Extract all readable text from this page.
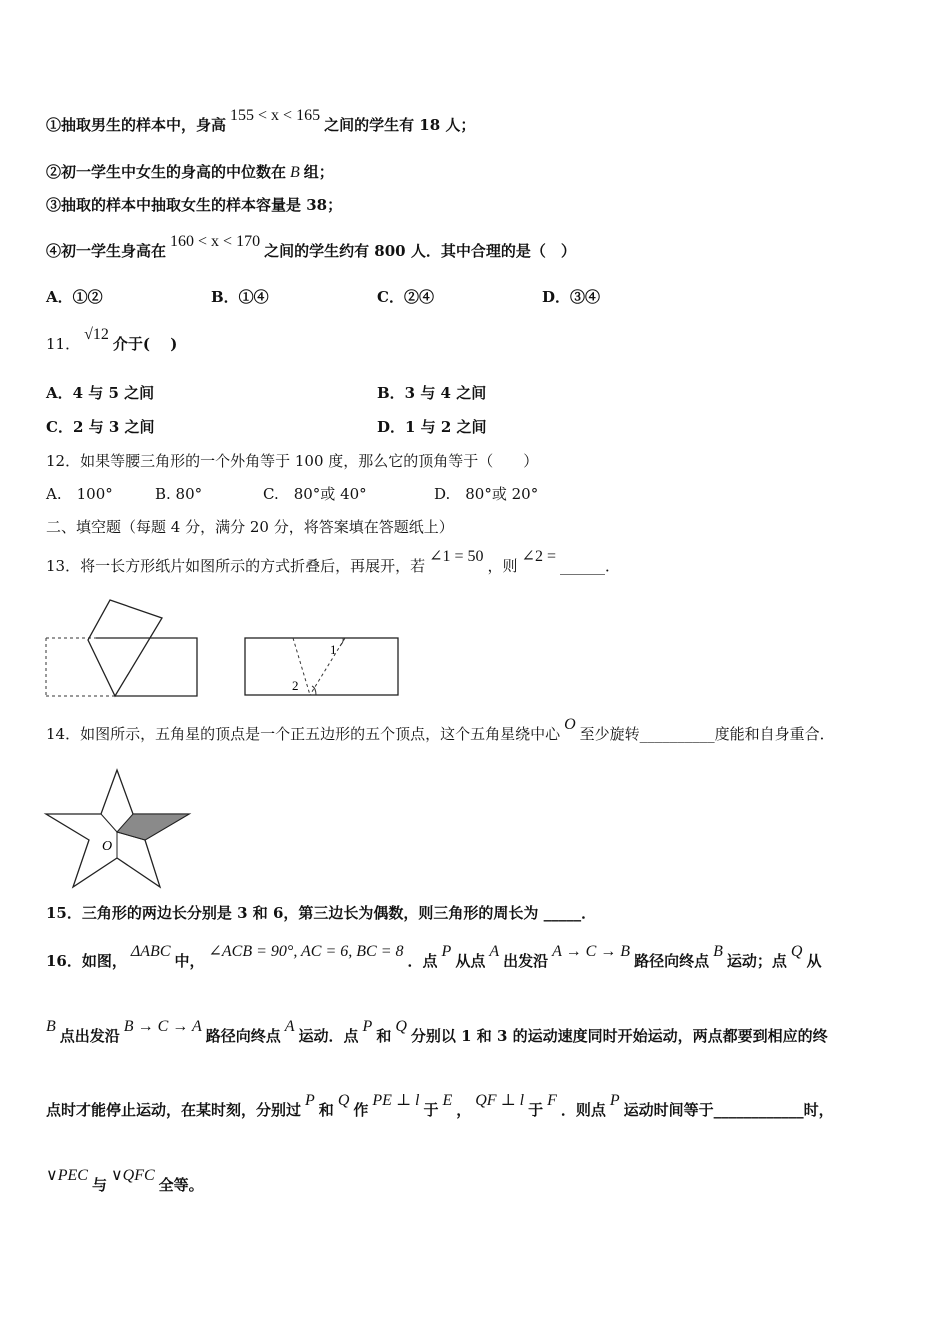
①抽取男生的样本中，身高155 < x < 165之间的学生有 18 人；
②初一学生中女生的身高的中位数在 B 组；
③抽取的样本中抽取女生的样本容量是 38；
④初一学生身高在160 < x < 170之间的学生约有 800 人．其中合理的是（　）
A．①②	B．①④	C．②④	D．③④
11．√12介于(　 )
A．4 与 5 之间	B．3 与 4 之间
C．2 与 3 之间	D．1 与 2 之间
12．如果等腰三角形的一个外角等于 100 度，那么它的顶角等于（　　）
A.　100°	B. 80°	C.　80°或 40°	D.　80°或 20°
二、填空题（每题 4 分，满分 20 分，将答案填在答题纸上）
13．将一长方形纸片如图所示的方式折叠后，再展开，若∠1 = 50，则∠2 =______．
1
2
14．如图所示，五角星的顶点是一个正五边形的五个顶点，这个五角星绕中心O至少旋转__________度能和自身重合．
O
15．三角形的两边长分别是 3 和 6，第三边长为偶数，则三角形的周长为 _____．
16．如图，ΔABC中，∠ACB = 90°, AC = 6, BC = 8．点P从点A出发沿A → C → B路径向终点B运动；点Q从
B点出发沿B → C → A路径向终点A运动．点P和Q分别以 1 和 3 的运动速度同时开始运动，两点都要到相应的终
点时才能停止运动，在某时刻，分别过P和Q作PE ⊥ l于E，QF ⊥ l于F．则点P运动时间等于____________时，
∨PEC与∨QFC全等。
